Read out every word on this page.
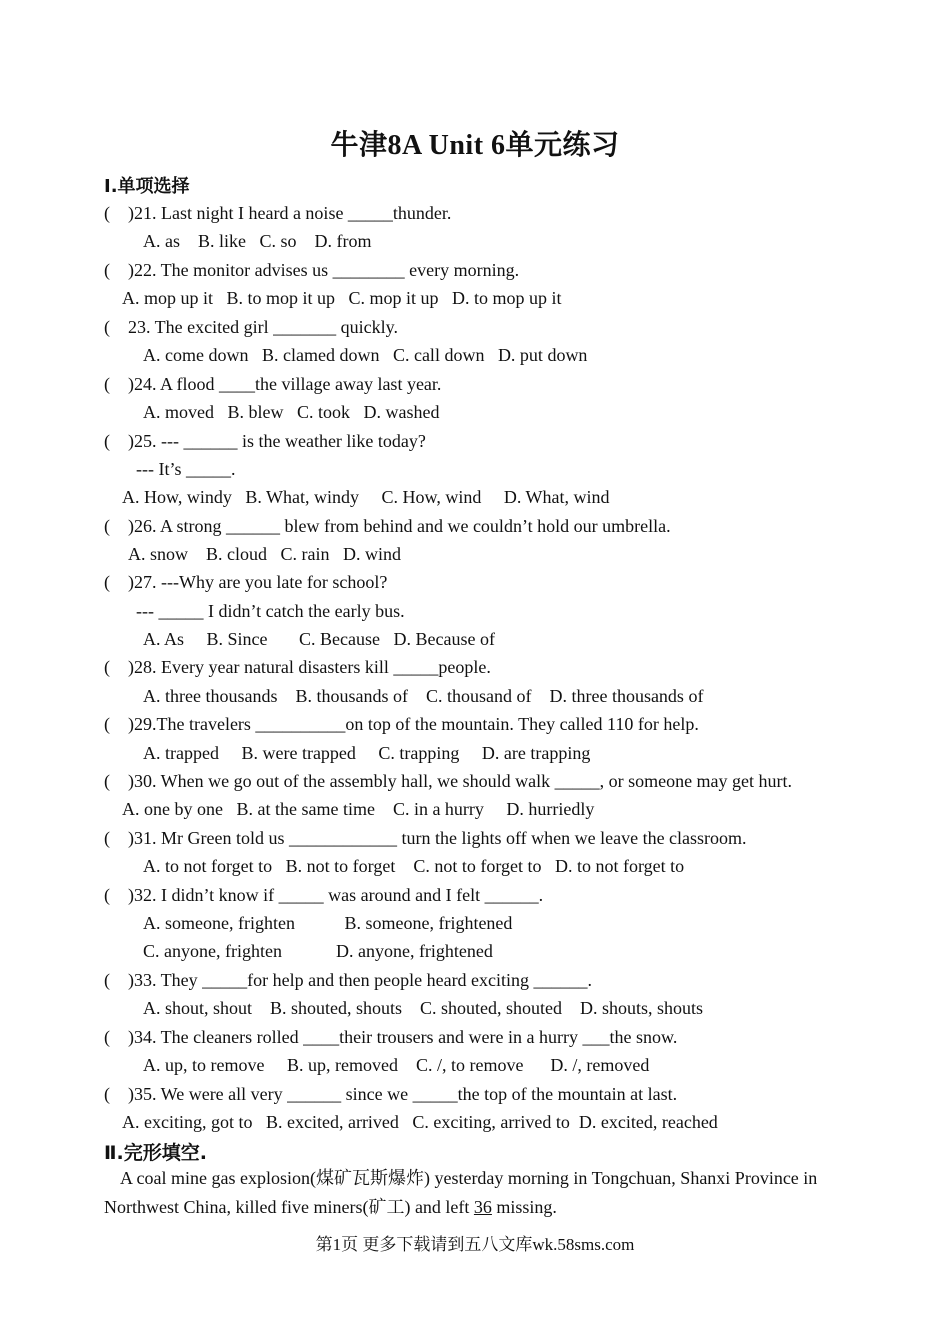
牛津8A Unit 6单元练习
Ⅰ.单项选择
(    )21. Last night I heard a noise _____thunder.
A. as    B. like   C. so    D. from
(    )22. The monitor advises us ________ every morning.
A. mop up it   B. to mop it up   C. mop it up   D. to mop up it
(    23. The excited girl _______ quickly.
A. come down   B. clamed down   C. call down   D. put down
(    )24. A flood ____the village away last year.
A. moved   B. blew   C. took   D. washed
(    )25. --- ______ is the weather like today?
--- It’s _____.
A. How, windy   B. What, windy     C. How, wind     D. What, wind
(    )26. A strong ______ blew from behind and we couldn’t hold our umbrella.
A. snow    B. cloud   C. rain   D. wind
(    )27. ---Why are you late for school?
--- _____ I didn’t catch the early bus.
A. As     B. Since       C. Because   D. Because of
(    )28. Every year natural disasters kill _____people.
A. three thousands    B. thousands of    C. thousand of    D. three thousands of
(    )29.The travelers __________on top of the mountain. They called 110 for help.
A. trapped     B. were trapped     C. trapping     D. are trapping
(    )30. When we go out of the assembly hall, we should walk _____, or someone may get hurt.
A. one by one   B. at the same time    C. in a hurry     D. hurriedly
(    )31. Mr Green told us ____________ turn the lights off when we leave the classroom.
A. to not forget to   B. not to forget    C. not to forget to   D. to not forget to
(    )32. I didn’t know if _____ was around and I felt ______.
A. someone, frighten           B. someone, frightened
C. anyone, frighten            D. anyone, frightened
(    )33. They _____for help and then people heard exciting ______.
A. shout, shout    B. shouted, shouts    C. shouted, shouted    D. shouts, shouts
(    )34. The cleaners rolled ____their trousers and were in a hurry ___the snow.
A. up, to remove     B. up, removed    C. /, to remove      D. /, removed
(    )35. We were all very ______ since we _____the top of the mountain at last.
A. exciting, got to   B. excited, arrived   C. exciting, arrived to  D. excited, reached
Ⅱ.完形填空.
A coal mine gas explosion(煤矿瓦斯爆炸) yesterday morning in Tongchuan, Shanxi Province in Northwest China, killed five miners(矿工) and left 36 missing.
第1页 更多下载请到五八文库wk.58sms.com
